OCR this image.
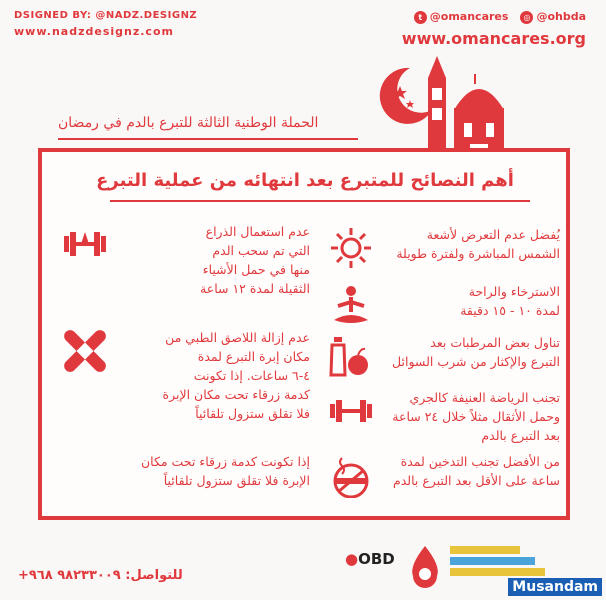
DSIGNED BY: @NADZ.DESIGNZ
www.nadzdesignz.com
t @omancares	◎ @ohbda
www.omancares.org
الحملة الوطنية الثالثة للتبرع بالدم في رمضان
أهم النصائح للمتبرع بعد انتهائه من عملية التبرع
يُفضل عدم التعرض لأشعة
الشمس المباشرة ولفترة طويلة
الاسترخاء والراحة
لمدة ١٠ - ١٥ دقيقة
تناول بعض المرطبات بعد
التبرع والإكثار من شرب السوائل
تجنب الرياضة العنيفة كالجري
وحمل الأثقال مثلاً خلال ٢٤ ساعة
بعد التبرع بالدم
من الأفضل تجنب التدخين لمدة
ساعة على الأقل بعد التبرع بالدم
عدم استعمال الذراع
التي تم سحب الدم
منها في حمل الأشياء
الثقيلة لمدة ١٢ ساعة
عدم إزالة اللاصق الطبي من
مكان إبرة التبرع لمدة
٤-٦ ساعات. إذا تكونت
كدمة زرقاء تحت مكان الإبرة
فلا تقلق ستزول تلقائياً
إذا تكونت كدمة زرقاء تحت مكان
الإبرة فلا تقلق ستزول تلقائياً
للتواصل: ٩٨٢٣٣٠٠٩ ٩٦٨+
●OBD
Musandam
